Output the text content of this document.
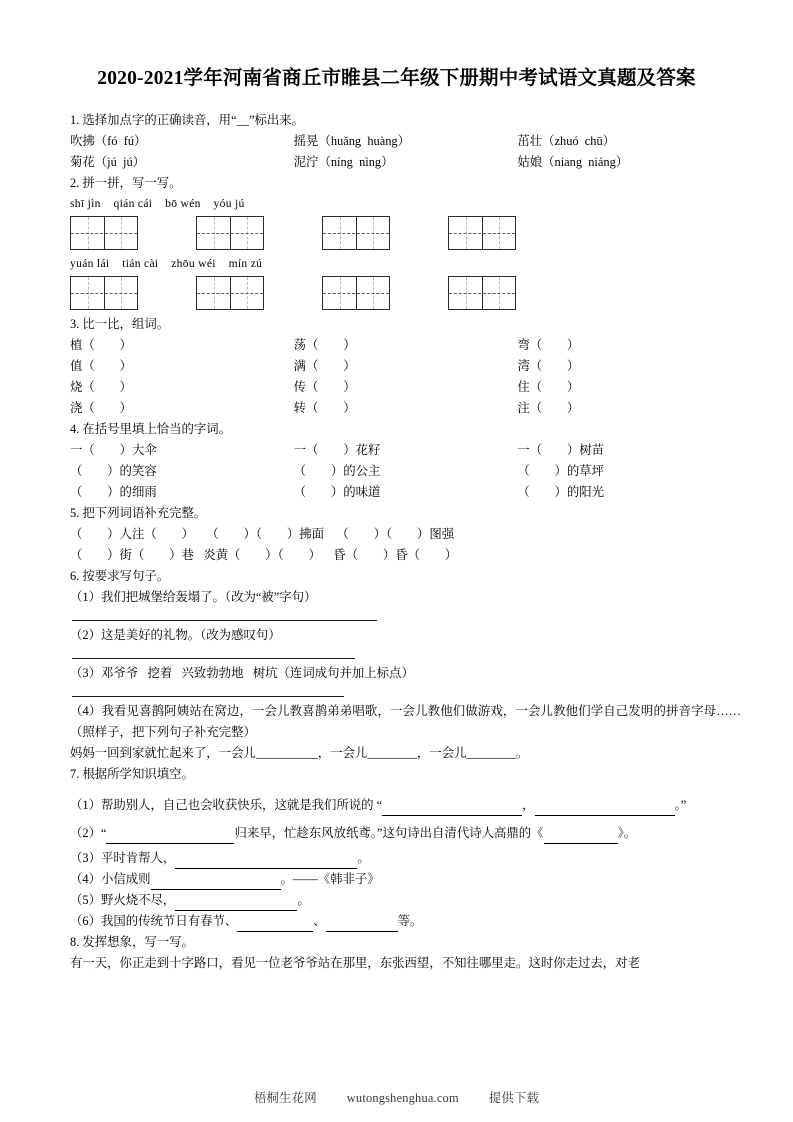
2020-2021学年河南省商丘市睢县二年级下册期中考试语文真题及答案

1. 选择加点字的正确读音，用“__”标出来。

吹拂（fó  fú）	摇晃（huǎng  huàng）	茁壮（zhuó  chū）
菊花（jú  jú）	泥泞（níng  nìng）	姑娘（niang  niáng）

2. 拼一拼，写一写。

shī jìn    qián cái    bō wén    yóu jú

yuán lái    tián cài    zhōu wéi    mín zú

3. 比一比，组词。

植（        ）	荡（        ）	弯（        ）
值（        ）	满（        ）	湾（        ）
烧（        ）	传（        ）	住（        ）
浇（        ）	转（        ）	注（        ）

4. 在括号里填上恰当的字词。

一（        ）大伞	一（        ）花籽	一（        ）树苗
（        ）的笑容	（        ）的公主	（        ）的草坪
（        ）的细雨	（        ）的味道	（        ）的阳光

5. 把下列词语补充完整。

（        ）人注（        ）    （        ）（        ）拂面    （        ）（        ）图强

（        ）街（        ）巷   炎黄（        ）（        ）    昏（        ）昏（        ）

6. 按要求写句子。

（1）我们把城堡给轰塌了。（改为“被”字句）

（2）这是美好的礼物。（改为感叹句）

（3）邓爷爷   挖着   兴致勃勃地   树坑（连词成句并加上标点）

（4）我看见喜鹊阿姨站在窝边，一会儿教喜鹊弟弟唱歌，一会儿教他们做游戏，一会儿教他们学自己发明的拼音字母……（照样子，把下列句子补充完整）

妈妈一回到家就忙起来了，一会儿__________，一会儿________，一会儿________。

7. 根据所学知识填空。

（1）帮助别人，自己也会收获快乐，这就是我们所说的 “	，	。”

（2）“	归来早，忙趁东风放纸鸢。”这句诗出自清代诗人高鼎的《	》。

（3）平时肯帮人，	。

（4）小信成则	。——《韩非子》

（5）野火烧不尽，	。

（6）我国的传统节日有春节、	、	等。

8. 发挥想象，写一写。

有一天，你正走到十字路口，看见一位老爷爷站在那里，东张西望，不知往哪里走。这时你走过去，对老

梧桐生花网 wutongshenghua.com 提供下载
